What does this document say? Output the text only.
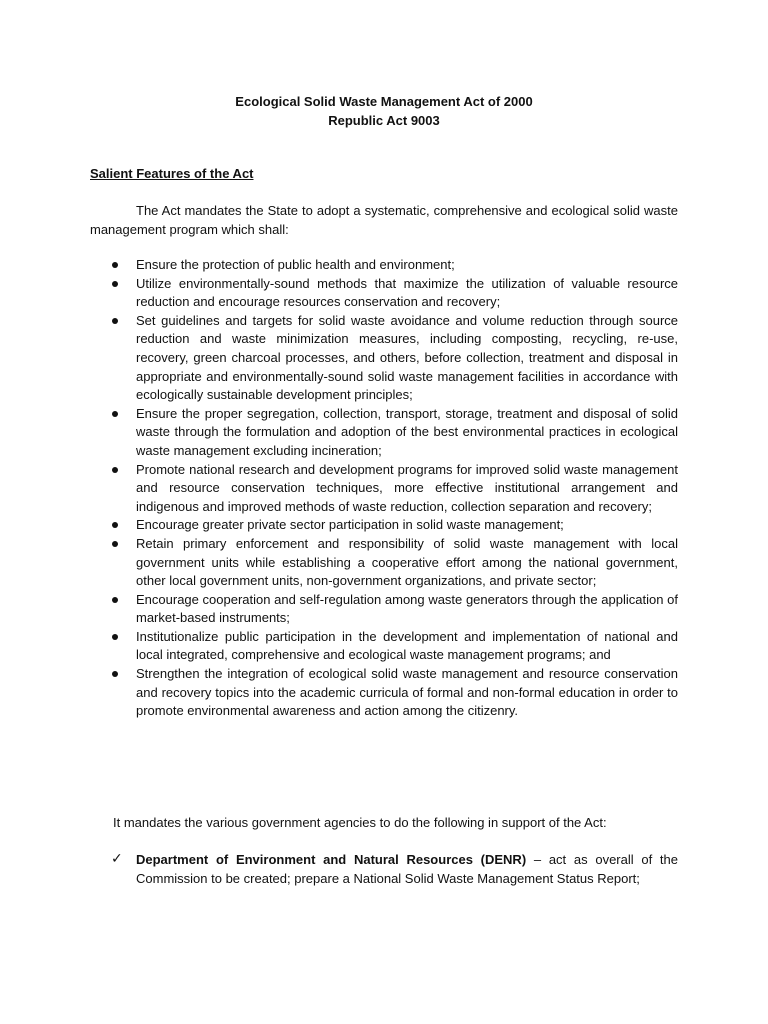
Ecological Solid Waste Management Act of 2000
Republic Act 9003
Salient Features of the Act

The Act mandates the State to adopt a systematic, comprehensive and ecological solid waste management program which shall:

Ensure the protection of public health and environment;
Utilize environmentally-sound methods that maximize the utilization of valuable resource reduction and encourage resources conservation and recovery;
Set guidelines and targets for solid waste avoidance and volume reduction through source reduction and waste minimization measures, including composting, recycling, re-use, recovery, green charcoal processes, and others, before collection, treatment and disposal in appropriate and environmentally-sound solid waste management facilities in accordance with ecologically sustainable development principles;
Ensure the proper segregation, collection, transport, storage, treatment and disposal of solid waste through the formulation and adoption of the best environmental practices in ecological waste management excluding incineration;
Promote national research and development programs for improved solid waste management and resource conservation techniques, more effective institutional arrangement and indigenous and improved methods of waste reduction, collection separation and recovery;
Encourage greater private sector participation in solid waste management;
Retain primary enforcement and responsibility of solid waste management with local government units while establishing a cooperative effort among the national government, other local government units, non-government organizations, and private sector;
Encourage cooperation and self-regulation among waste generators through the application of market-based instruments;
Institutionalize public participation in the development and implementation of national and local integrated, comprehensive and ecological waste management programs; and
Strengthen the integration of ecological solid waste management and resource conservation and recovery topics into the academic curricula of formal and non-formal education in order to promote environmental awareness and action among the citizenry.

It mandates the various government agencies to do the following in support of the Act:

✓ Department of Environment and Natural Resources (DENR) – act as overall of the Commission to be created; prepare a National Solid Waste Management Status Report;
